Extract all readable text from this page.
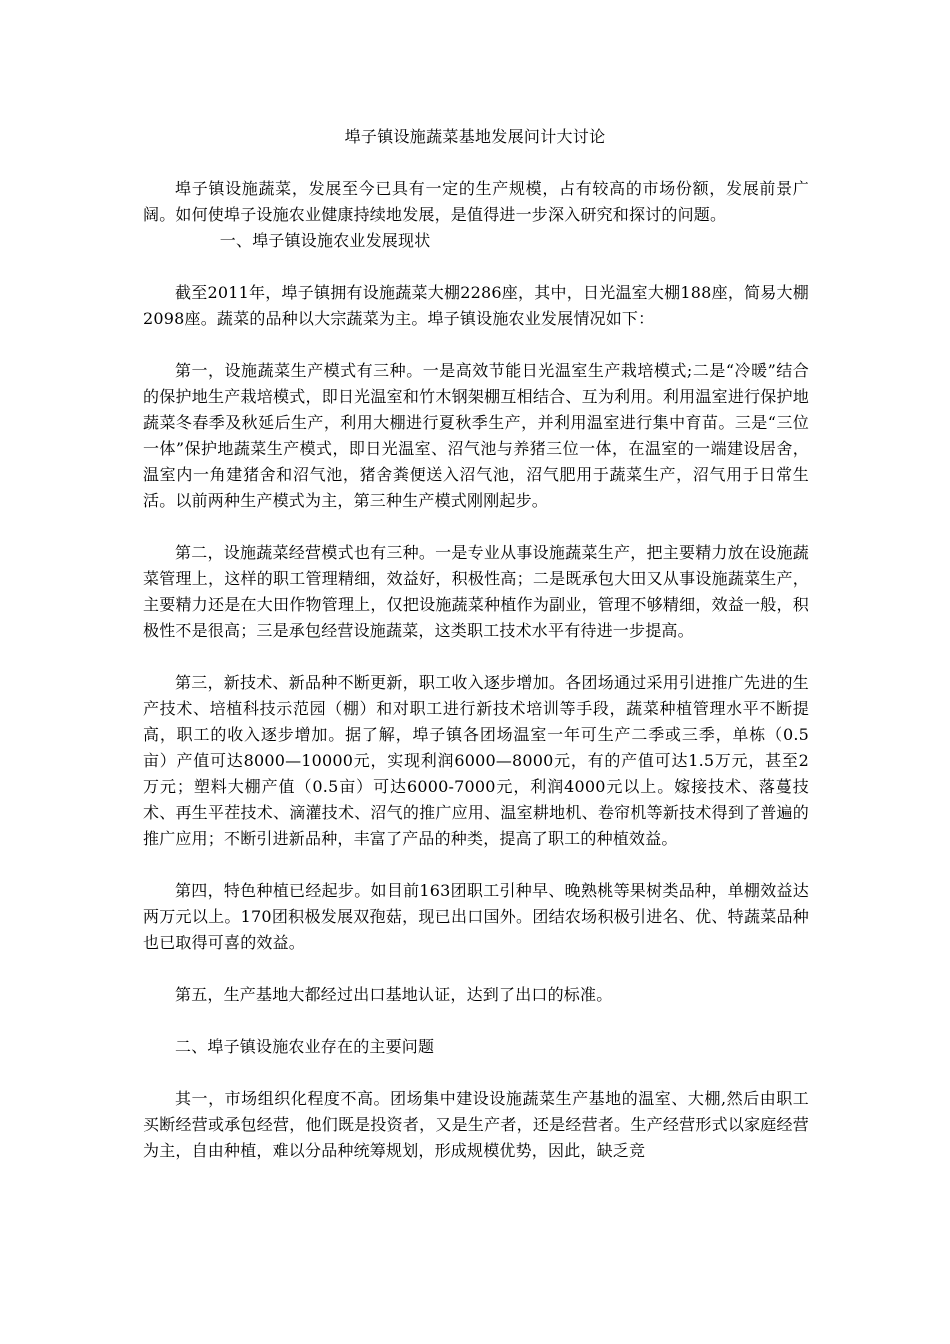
埠子镇设施蔬菜基地发展问计大讨论

埠子镇设施蔬菜，发展至今已具有一定的生产规模，占有较高的市场份额，发展前景广阔。如何使埠子设施农业健康持续地发展，是值得进一步深入研究和探讨的问题。

一、埠子镇设施农业发展现状

截至2011年，埠子镇拥有设施蔬菜大棚2286座，其中，日光温室大棚188座，简易大棚2098座。蔬菜的品种以大宗蔬菜为主。埠子镇设施农业发展情况如下：

第一，设施蔬菜生产模式有三种。一是高效节能日光温室生产栽培模式;二是“冷暖”结合的保护地生产栽培模式，即日光温室和竹木钢架棚互相结合、互为利用。利用温室进行保护地蔬菜冬春季及秋延后生产，利用大棚进行夏秋季生产，并利用温室进行集中育苗。三是“三位一体”保护地蔬菜生产模式，即日光温室、沼气池与养猪三位一体，在温室的一端建设居舍，温室内一角建猪舍和沼气池，猪舍粪便送入沼气池，沼气肥用于蔬菜生产，沼气用于日常生活。以前两种生产模式为主，第三种生产模式刚刚起步。

第二，设施蔬菜经营模式也有三种。一是专业从事设施蔬菜生产，把主要精力放在设施蔬菜管理上，这样的职工管理精细，效益好，积极性高；二是既承包大田又从事设施蔬菜生产，主要精力还是在大田作物管理上，仅把设施蔬菜种植作为副业，管理不够精细，效益一般，积极性不是很高；三是承包经营设施蔬菜，这类职工技术水平有待进一步提高。

第三，新技术、新品种不断更新，职工收入逐步增加。各团场通过采用引进推广先进的生产技术、培植科技示范园（棚）和对职工进行新技术培训等手段，蔬菜种植管理水平不断提高，职工的收入逐步增加。据了解，埠子镇各团场温室一年可生产二季或三季，单栋（0.5亩）产值可达8000—10000元，实现利润6000—8000元，有的产值可达1.5万元，甚至2万元；塑料大棚产值（0.5亩）可达6000-7000元，利润4000元以上。嫁接技术、落蔓技术、再生平茬技术、滴灌技术、沼气的推广应用、温室耕地机、卷帘机等新技术得到了普遍的推广应用；不断引进新品种，丰富了产品的种类，提高了职工的种植效益。

第四，特色种植已经起步。如目前163团职工引种早、晚熟桃等果树类品种，单棚效益达两万元以上。170团积极发展双孢菇，现已出口国外。团结农场积极引进名、优、特蔬菜品种也已取得可喜的效益。

第五，生产基地大都经过出口基地认证，达到了出口的标准。

二、埠子镇设施农业存在的主要问题

其一，市场组织化程度不高。团场集中建设设施蔬菜生产基地的温室、大棚,然后由职工买断经营或承包经营，他们既是投资者，又是生产者，还是经营者。生产经营形式以家庭经营为主，自由种植，难以分品种统筹规划，形成规模优势，因此，缺乏竞
